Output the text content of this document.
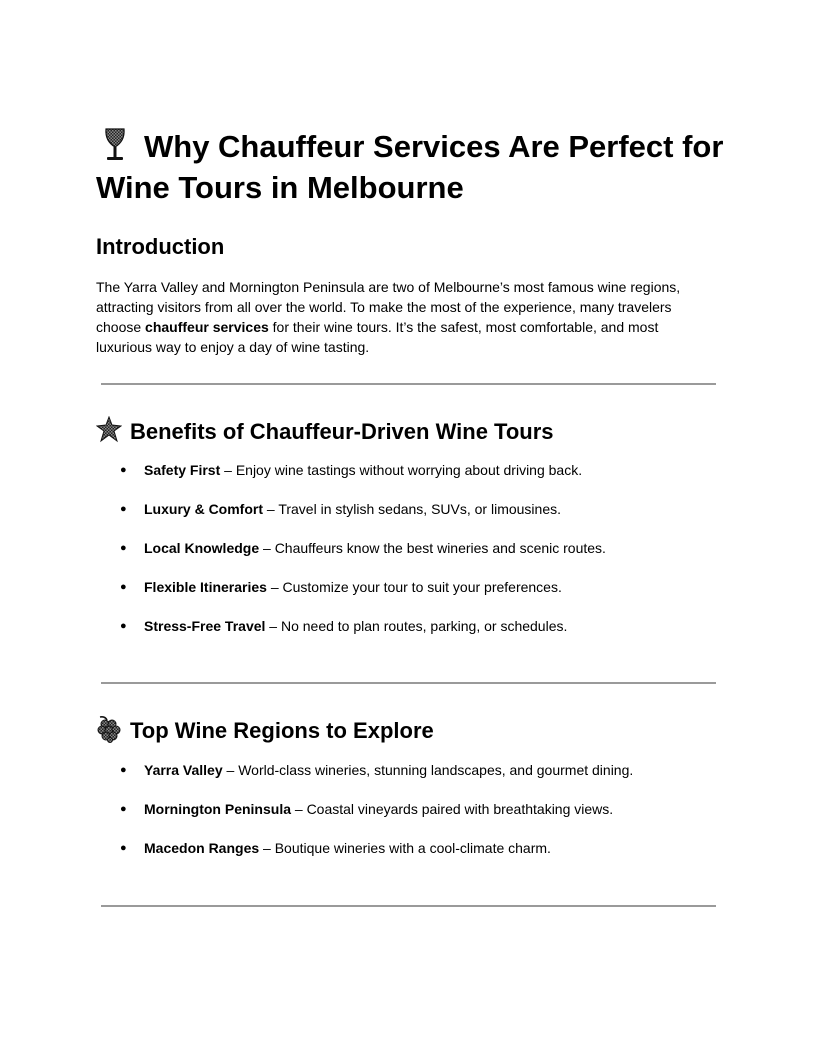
Why Chauffeur Services Are Perfect for Wine Tours in Melbourne
Introduction

The Yarra Valley and Mornington Peninsula are two of Melbourne’s most famous wine regions, attracting visitors from all over the world. To make the most of the experience, many travelers choose chauffeur services for their wine tours. It’s the safest, most comfortable, and most luxurious way to enjoy a day of wine tasting.

Benefits of Chauffeur-Driven Wine Tours
● Safety First – Enjoy wine tastings without worrying about driving back.
● Luxury & Comfort – Travel in stylish sedans, SUVs, or limousines.
● Local Knowledge – Chauffeurs know the best wineries and scenic routes.
● Flexible Itineraries – Customize your tour to suit your preferences.
● Stress-Free Travel – No need to plan routes, parking, or schedules.
Top Wine Regions to Explore
● Yarra Valley – World-class wineries, stunning landscapes, and gourmet dining.
● Mornington Peninsula – Coastal vineyards paired with breathtaking views.
● Macedon Ranges – Boutique wineries with a cool-climate charm.
